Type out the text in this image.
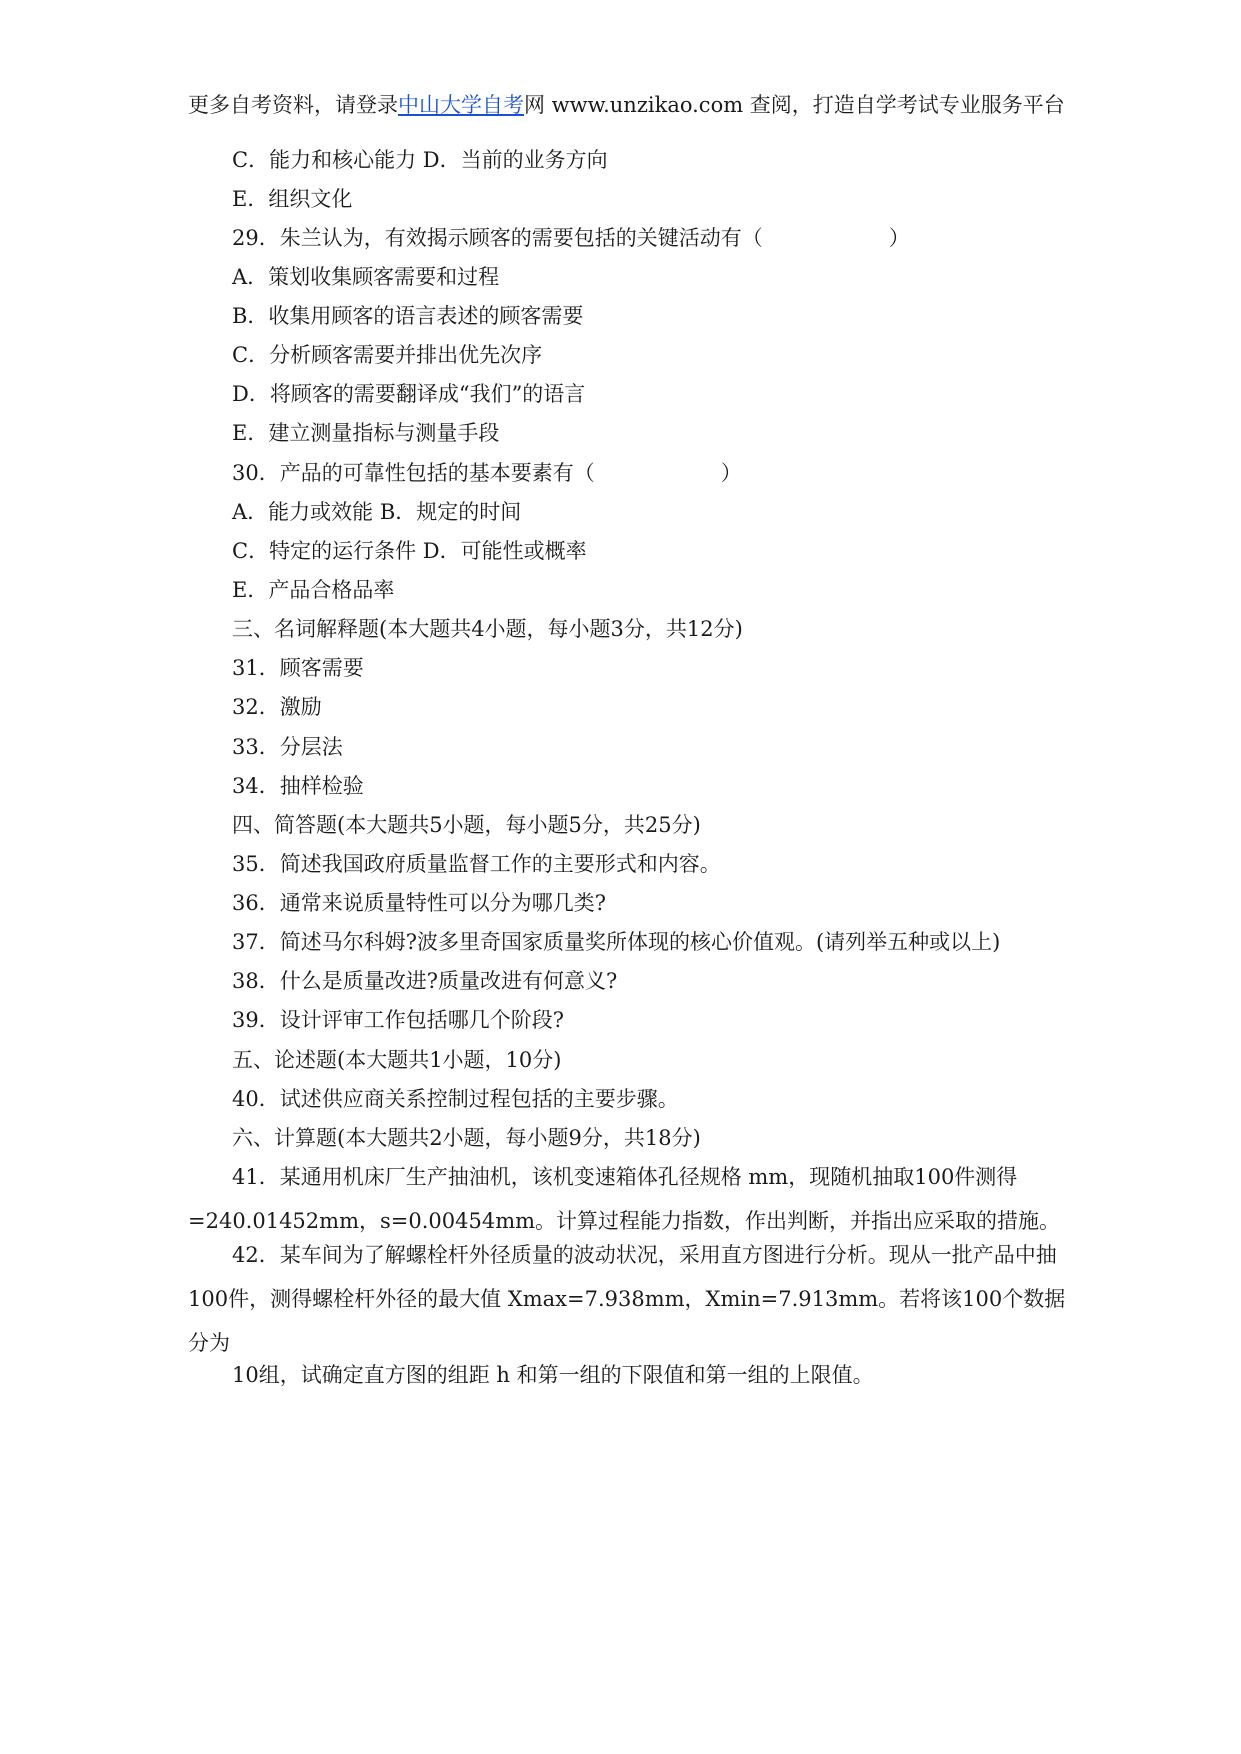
更多自考资料，请登录中山大学自考网 www.unzikao.com 查阅，打造自学考试专业服务平台
C．能力和核心能力 D．当前的业务方向
E．组织文化
29．朱兰认为，有效揭示顾客的需要包括的关键活动有（　　　　　　）
A．策划收集顾客需要和过程
B．收集用顾客的语言表述的顾客需要
C．分析顾客需要并排出优先次序
D．将顾客的需要翻译成“我们”的语言
E．建立测量指标与测量手段
30．产品的可靠性包括的基本要素有（　　　　　　）
A．能力或效能 B．规定的时间
C．特定的运行条件 D．可能性或概率
E．产品合格品率
三、名词解释题(本大题共4小题，每小题3分，共12分)
31．顾客需要
32．激励
33．分层法
34．抽样检验
四、简答题(本大题共5小题，每小题5分，共25分)
35．简述我国政府质量监督工作的主要形式和内容。
36．通常来说质量特性可以分为哪几类?
37．简述马尔科姆?波多里奇国家质量奖所体现的核心价值观。(请列举五种或以上)
38．什么是质量改进?质量改进有何意义?
39．设计评审工作包括哪几个阶段?
五、论述题(本大题共1小题，10分)
40．试述供应商关系控制过程包括的主要步骤。
六、计算题(本大题共2小题，每小题9分，共18分)
41．某通用机床厂生产抽油机，该机变速箱体孔径规格 mm，现随机抽取100件测得
=240.01452mm，s=0.00454mm。计算过程能力指数，作出判断，并指出应采取的措施。
42．某车间为了解螺栓杆外径质量的波动状况，采用直方图进行分析。现从一批产品中抽100件，测得螺栓杆外径的最大值 Xmax=7.938mm，Xmin=7.913mm。若将该100个数据分为
10组，试确定直方图的组距 h 和第一组的下限值和第一组的上限值。
